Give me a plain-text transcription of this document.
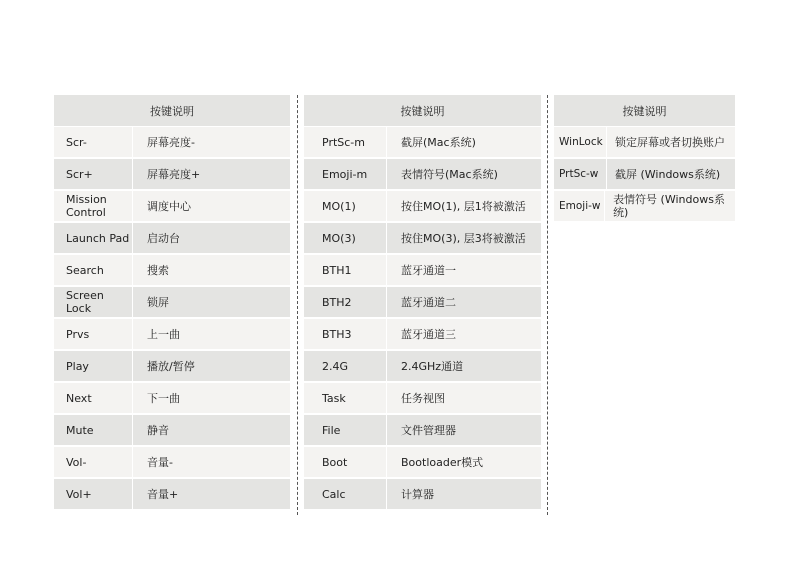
按键说明
Scr-	屏幕亮度-
Scr+	屏幕亮度+
Mission Control	调度中心
Launch Pad	启动台
Search	搜索
Screen Lock	锁屏
Prvs	上一曲
Play	播放/暂停
Next	下一曲
Mute	静音
Vol-	音量-
Vol+	音量+
按键说明
PrtSc-m	截屏(Mac系统)
Emoji-m	表情符号(Mac系统)
MO(1)	按住MO(1), 层1将被激活
MO(3)	按住MO(3), 层3将被激活
BTH1	蓝牙通道一
BTH2	蓝牙通道二
BTH3	蓝牙通道三
2.4G	2.4GHz通道
Task	任务视图
File	文件管理器
Boot	Bootloader模式
Calc	计算器
按键说明
WinLock	锁定屏幕或者切换账户
PrtSc-w	截屏 (Windows系统)
Emoji-w	表情符号 (Windows系统)
